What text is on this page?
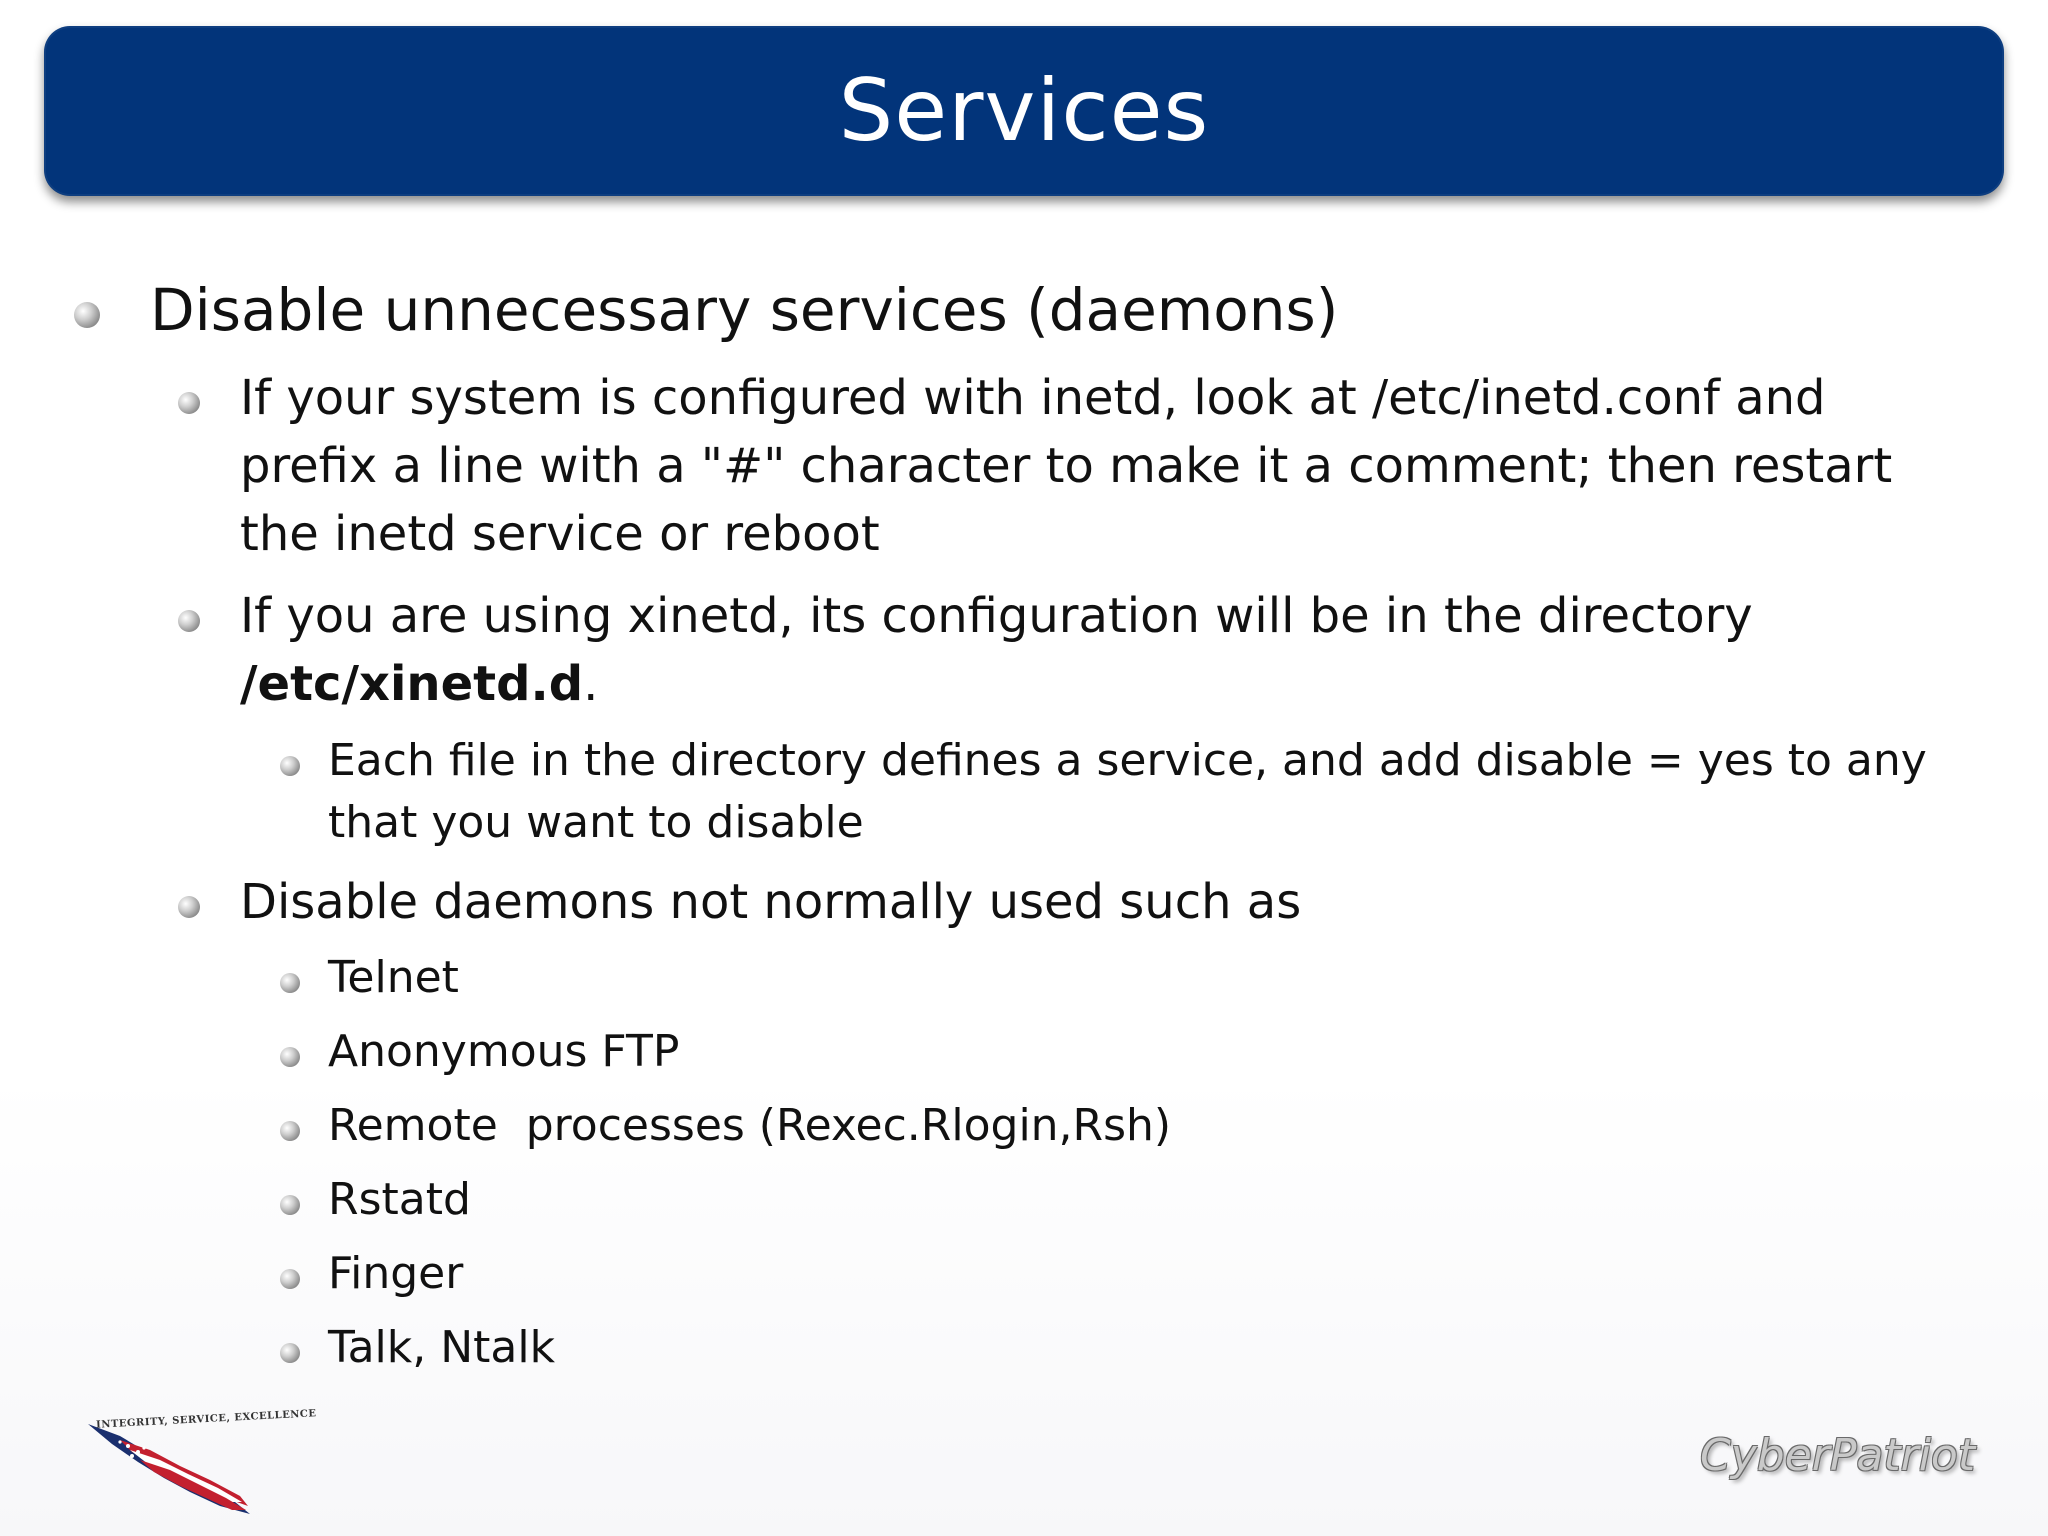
Services
Disable unnecessary services (daemons)
If your system is configured with inetd, look at /etc/inetd.conf and prefix a line with a "#" character to make it a comment; then restart the inetd service or reboot
If you are using xinetd, its configuration will be in the directory /etc/xinetd.d.
Each file in the directory defines a service, and add disable = yes to any that you want to disable
Disable daemons not normally used such as
Telnet
Anonymous FTP
Remote  processes (Rexec.Rlogin,Rsh)
Rstatd
Finger
Talk, Ntalk
INTEGRITY, SERVICE, EXCELLENCE
CyberPatriot
